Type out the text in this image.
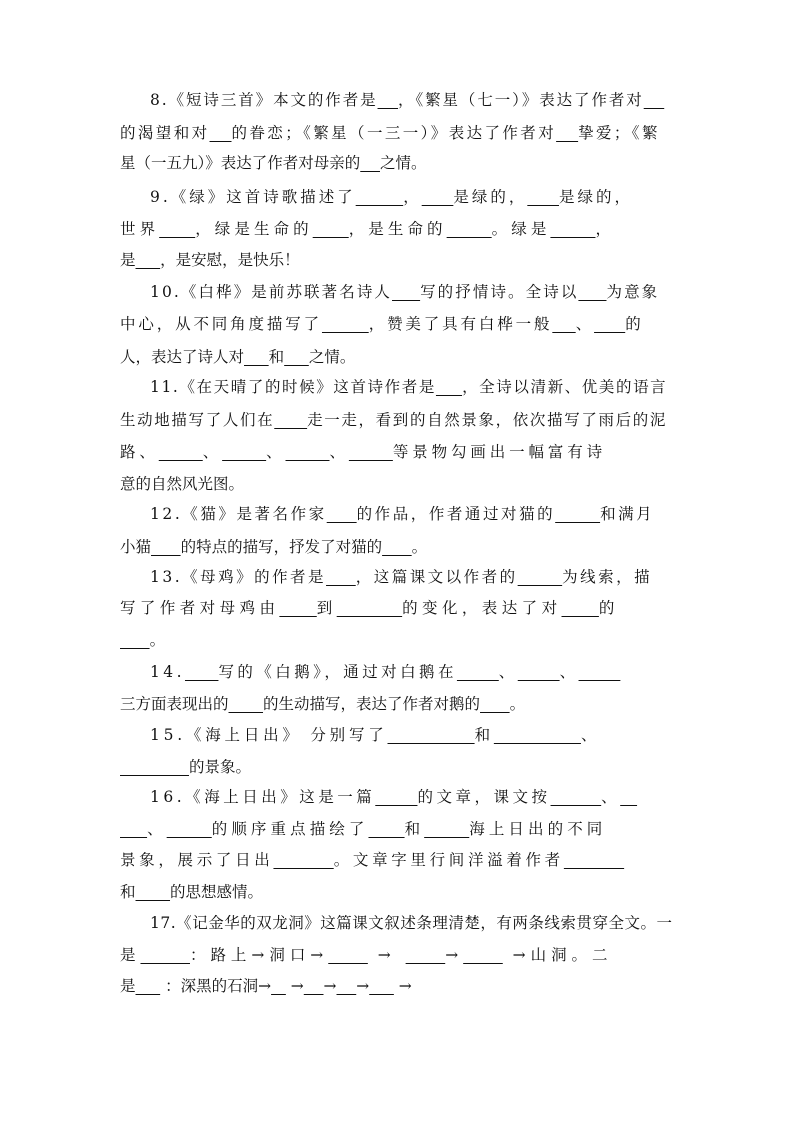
8.《短诗三首》本文的作者是 ，《繁星（七一）》表达了作者对
的渴望和对 的眷恋；《繁星（一三一）》表达了作者对 挚爱；《繁
星（一五九）》表达了作者对母亲的 之情。
9.《绿》这首诗歌描述了	， 是绿的， 是绿的，
世界 ，绿是生命的 ，是生命的	。绿是	，
是 ，是安慰，是快乐！
10.《白桦》是前苏联著名诗人 写的抒情诗。全诗以 为意象
中心，从不同角度描写了	，赞美了具有白桦一般 、 的
人，表达了诗人对 和 之情。
11.《在天晴了的时候》这首诗作者是 ，全诗以清新、优美的语言
生动地描写了人们在 走一走，看到的自然景象，依次描写了雨后的泥
路、	、	、	、	等景物勾画出一幅富有诗
意的自然风光图。
12.《猫》是著名作家 的作品，作者通过对猫的	和满月
小猫 的特点的描写，抒发了对猫的 。
13.《母鸡》的作者是 ，这篇课文以作者的	为线索，描
写了作者对母鸡由 到	的变化，表达了对 的
。
14. 写的《白鹅》，通过对白鹅在	、	、
三方面表现出的 的生动描写，表达了作者对鹅的 。
15.《海上日出》 分别写了	和	、
的景象。
16.《海上日出》这是一篇	的文章，课文按	、
、	的顺序重点描绘了 和	海上日出的不同
景象，展示了日出	。文章字里行间洋溢着作者
和 的思想感情。
17.《记金华的双龙洞》这篇课文叙述条理清楚，有两条线索贯穿全文。一
是	：路上→洞口→	→	→	→山洞。二
是      ：深黑的石洞→    → → →      →
